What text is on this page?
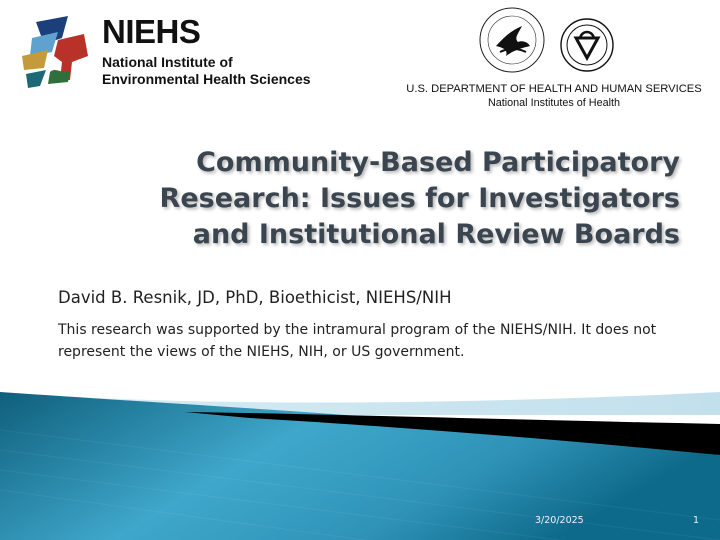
NIEHS
National Institute of
Environmental Health Sciences
U.S. DEPARTMENT OF HEALTH AND HUMAN SERVICES
National Institutes of Health
Community-Based Participatory
Research: Issues for Investigators
and Institutional Review Boards
David B. Resnik, JD, PhD, Bioethicist, NIEHS/NIH
This research was supported by the intramural program of the NIEHS/NIH. It does not represent the views of the NIEHS, NIH, or US government.
3/20/2025	1
